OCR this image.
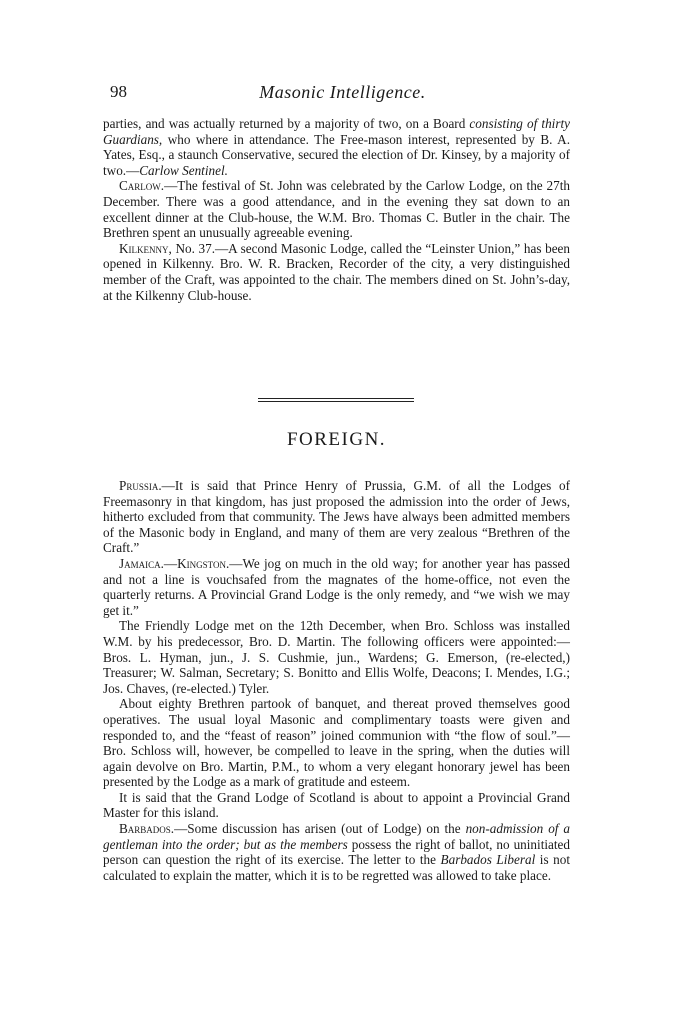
98	Masonic Intelligence.

parties, and was actually returned by a majority of two, on a Board consisting of thirty Guardians, who where in attendance. The Free-mason interest, represented by B. A. Yates, Esq., a staunch Conservative, secured the election of Dr. Kinsey, by a majority of two.—Carlow Sentinel.

Carlow.—The festival of St. John was celebrated by the Carlow Lodge, on the 27th December. There was a good attendance, and in the evening they sat down to an excellent dinner at the Club-house, the W.M. Bro. Thomas C. Butler in the chair. The Brethren spent an unusually agreeable evening.

Kilkenny, No. 37.—A second Masonic Lodge, called the “Leinster Union,” has been opened in Kilkenny. Bro. W. R. Bracken, Recorder of the city, a very distinguished member of the Craft, was appointed to the chair. The members dined on St. John’s-day, at the Kilkenny Club-house.

FOREIGN.

Prussia.—It is said that Prince Henry of Prussia, G.M. of all the Lodges of Freemasonry in that kingdom, has just proposed the admission into the order of Jews, hitherto excluded from that community. The Jews have always been admitted members of the Masonic body in England, and many of them are very zealous “Brethren of the Craft.”

Jamaica.—Kingston.—We jog on much in the old way; for another year has passed and not a line is vouchsafed from the magnates of the home-office, not even the quarterly returns. A Provincial Grand Lodge is the only remedy, and “we wish we may get it.”

The Friendly Lodge met on the 12th December, when Bro. Schloss was installed W.M. by his predecessor, Bro. D. Martin. The following officers were appointed:—Bros. L. Hyman, jun., J. S. Cushmie, jun., Wardens; G. Emerson, (re-elected,) Treasurer; W. Salman, Secretary; S. Bonitto and Ellis Wolfe, Deacons; I. Mendes, I.G.; Jos. Chaves, (re-elected.) Tyler.

About eighty Brethren partook of banquet, and thereat proved themselves good operatives. The usual loyal Masonic and complimentary toasts were given and responded to, and the “feast of reason” joined communion with “the flow of soul.”—Bro. Schloss will, however, be compelled to leave in the spring, when the duties will again devolve on Bro. Martin, P.M., to whom a very elegant honorary jewel has been presented by the Lodge as a mark of gratitude and esteem.

It is said that the Grand Lodge of Scotland is about to appoint a Provincial Grand Master for this island.

Barbados.—Some discussion has arisen (out of Lodge) on the non-admission of a gentleman into the order; but as the members possess the right of ballot, no uninitiated person can question the right of its exercise. The letter to the Barbados Liberal is not calculated to explain the matter, which it is to be regretted was allowed to take place.
